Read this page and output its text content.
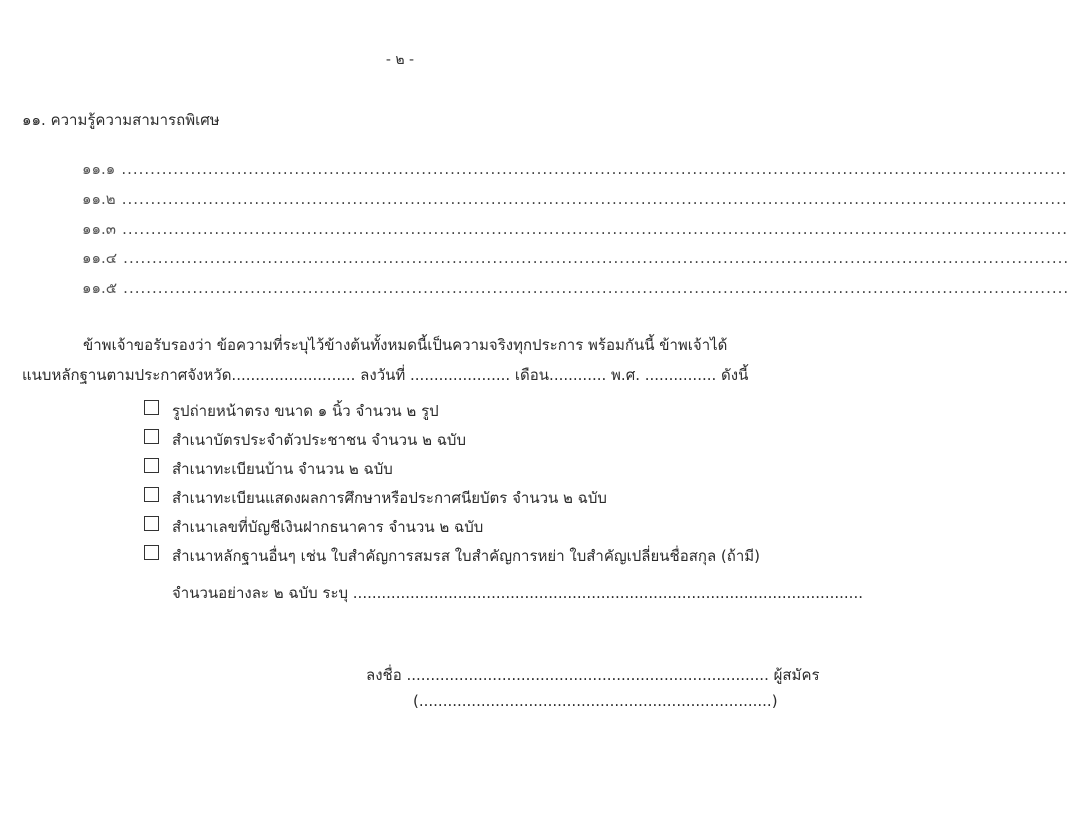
- ๒ -
๑๑. ความรู้ความสามารถพิเศษ
๑๑.๑ ....................................................................................................................................................................
๑๑.๒ ....................................................................................................................................................................
๑๑.๓ ....................................................................................................................................................................
๑๑.๔ ....................................................................................................................................................................
๑๑.๕ ....................................................................................................................................................................
ข้าพเจ้าขอรับรองว่า ข้อความที่ระบุไว้ข้างต้นทั้งหมดนี้เป็นความจริงทุกประการ พร้อมกันนี้ ข้าพเจ้าได้
แนบหลักฐานตามประกาศจังหวัด.......................... ลงวันที่ ..................... เดือน............ พ.ศ. ............... ดังนี้
รูปถ่ายหน้าตรง ขนาด ๑ นิ้ว จำนวน ๒ รูป
สำเนาบัตรประจำตัวประชาชน จำนวน ๒ ฉบับ
สำเนาทะเบียนบ้าน จำนวน ๒ ฉบับ
สำเนาทะเบียนแสดงผลการศึกษาหรือประกาศนียบัตร จำนวน ๒ ฉบับ
สำเนาเลขที่บัญชีเงินฝากธนาคาร จำนวน ๒ ฉบับ
สำเนาหลักฐานอื่นๆ เช่น ใบสำคัญการสมรส ใบสำคัญการหย่า ใบสำคัญเปลี่ยนชื่อสกุล (ถ้ามี)
จำนวนอย่างละ ๒ ฉบับ ระบุ ...........................................................................................................
ลงชื่อ ............................................................................ ผู้สมัคร
(..........................................................................)
